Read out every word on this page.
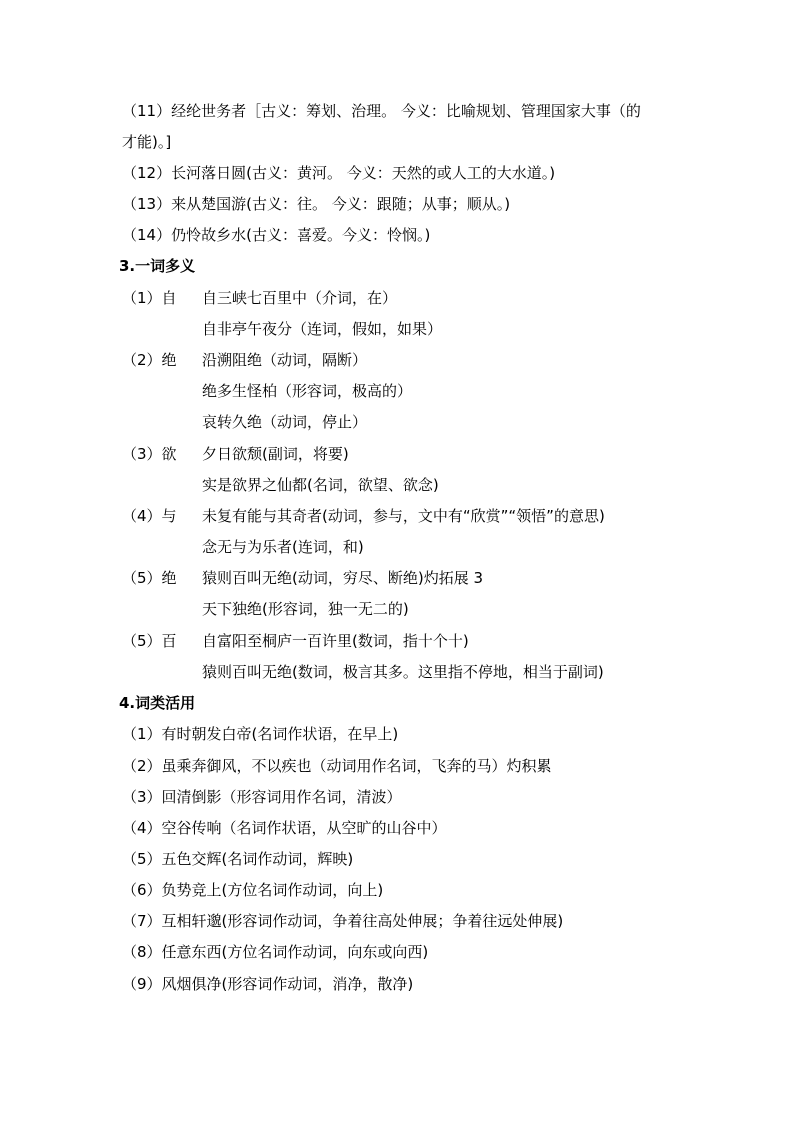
（11）经纶世务者［古义：筹划、治理。 今义：比喻规划、管理国家大事（的
才能)。]
（12）长河落日圆(古义：黄河。 今义：天然的或人工的大水道。)
（13）来从楚国游(古义：往。 今义：跟随；从事；顺从。)
（14）仍怜故乡水(古义：喜爱。今义：怜悯。)
3.一词多义
（1）自 自三峡七百里中（介词，在）
自非亭午夜分（连词，假如，如果）
（2）绝 沿溯阻绝（动词，隔断）
绝多生怪柏（形容词，极高的）
哀转久绝（动词，停止）
（3）欲 夕日欲颓(副词，将要)
实是欲界之仙都(名词，欲望、欲念)
（4）与 未复有能与其奇者(动词，参与，文中有“欣赏”“领悟”的意思)
念无与为乐者(连词，和)
（5）绝 猿则百叫无绝(动词，穷尽、断绝)灼拓展 3
天下独绝(形容词，独一无二的)
（5）百 自富阳至桐庐一百许里(数词，指十个十)
猿则百叫无绝(数词，极言其多。这里指不停地，相当于副词)
4.词类活用
（1）有时朝发白帝(名词作状语，在早上)
（2）虽乘奔御风，不以疾也（动词用作名词，飞奔的马）灼积累
（3）回清倒影（形容词用作名词，清波）
（4）空谷传响（名词作状语，从空旷的山谷中）
（5）五色交辉(名词作动词，辉映)
（6）负势竞上(方位名词作动词，向上)
（7）互相轩邈(形容词作动词，争着往高处伸展；争着往远处伸展)
（8）任意东西(方位名词作动词，向东或向西)
（9）风烟俱净(形容词作动词，消净，散净)
